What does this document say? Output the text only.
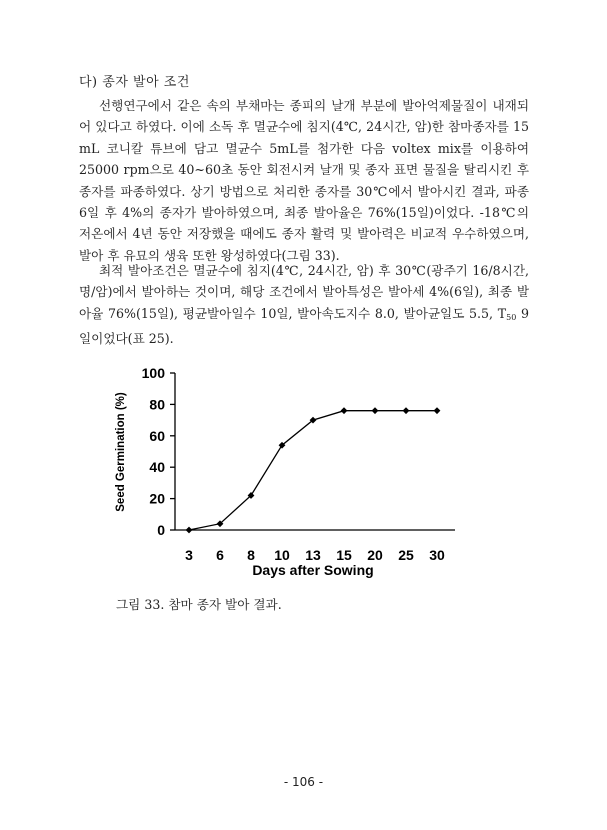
다) 종자 발아 조건

선행연구에서 같은 속의 부채마는 종피의 날개 부분에 발아억제물질이 내재되어 있다고 하였다. 이에 소독 후 멸균수에 침지(4℃, 24시간, 암)한 참마종자를 15 mL 코니칼 튜브에 담고 멸균수 5mL를 첨가한 다음 voltex mix를 이용하여 25000 rpm으로 40~60초 동안 회전시켜 날개 및 종자 표면 물질을 탈리시킨 후 종자를 파종하였다. 상기 방법으로 처리한 종자를 30℃에서 발아시킨 결과, 파종 6일 후 4%의 종자가 발아하였으며, 최종 발아율은 76%(15일)이었다. -18℃의 저온에서 4년 동안 저장했을 때에도 종자 활력 및 발아력은 비교적 우수하였으며, 발아 후 유묘의 생육 또한 왕성하였다(그림 33).

최적 발아조건은 멸균수에 침지(4℃, 24시간, 암) 후 30℃(광주기 16/8시간, 명/암)에서 발아하는 것이며, 해당 조건에서 발아특성은 발아세 4%(6일), 최종 발아율 76%(15일), 평균발아일수 10일, 발아속도지수 8.0, 발아균일도 5.5, $T_{50}$ 9일이었다(표 25).

0
20
40
60
80
100
3 6 8 10 13 15 20 25 30
Days after Sowing
Seed Germination (%)
그림 33. 참마 종자 발아 결과.
- 106 -
